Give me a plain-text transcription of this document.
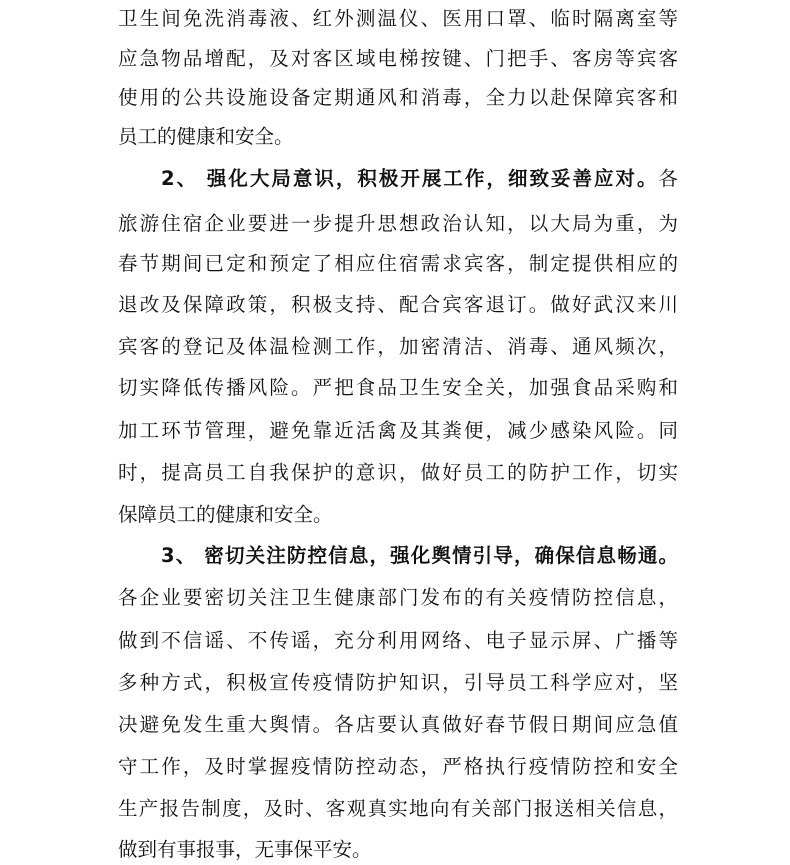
卫生间免洗消毒液、红外测温仪、医用口罩、临时隔离室等
应急物品增配，及对客区域电梯按键、门把手、客房等宾客
使用的公共设施设备定期通风和消毒，全力以赴保障宾客和
员工的健康和安全。
2、 强化大局意识，积极开展工作，细致妥善应对。各
旅游住宿企业要进一步提升思想政治认知，以大局为重，为
春节期间已定和预定了相应住宿需求宾客，制定提供相应的
退改及保障政策，积极支持、配合宾客退订。做好武汉来川
宾客的登记及体温检测工作，加密清洁、消毒、通风频次，
切实降低传播风险。严把食品卫生安全关，加强食品采购和
加工环节管理，避免靠近活禽及其粪便，减少感染风险。同
时，提高员工自我保护的意识，做好员工的防护工作，切实
保障员工的健康和安全。
3、 密切关注防控信息，强化舆情引导，确保信息畅通。
各企业要密切关注卫生健康部门发布的有关疫情防控信息，
做到不信谣、不传谣，充分利用网络、电子显示屏、广播等
多种方式，积极宣传疫情防护知识，引导员工科学应对，坚
决避免发生重大舆情。各店要认真做好春节假日期间应急值
守工作，及时掌握疫情防控动态，严格执行疫情防控和安全
生产报告制度，及时、客观真实地向有关部门报送相关信息，
做到有事报事，无事保平安。
